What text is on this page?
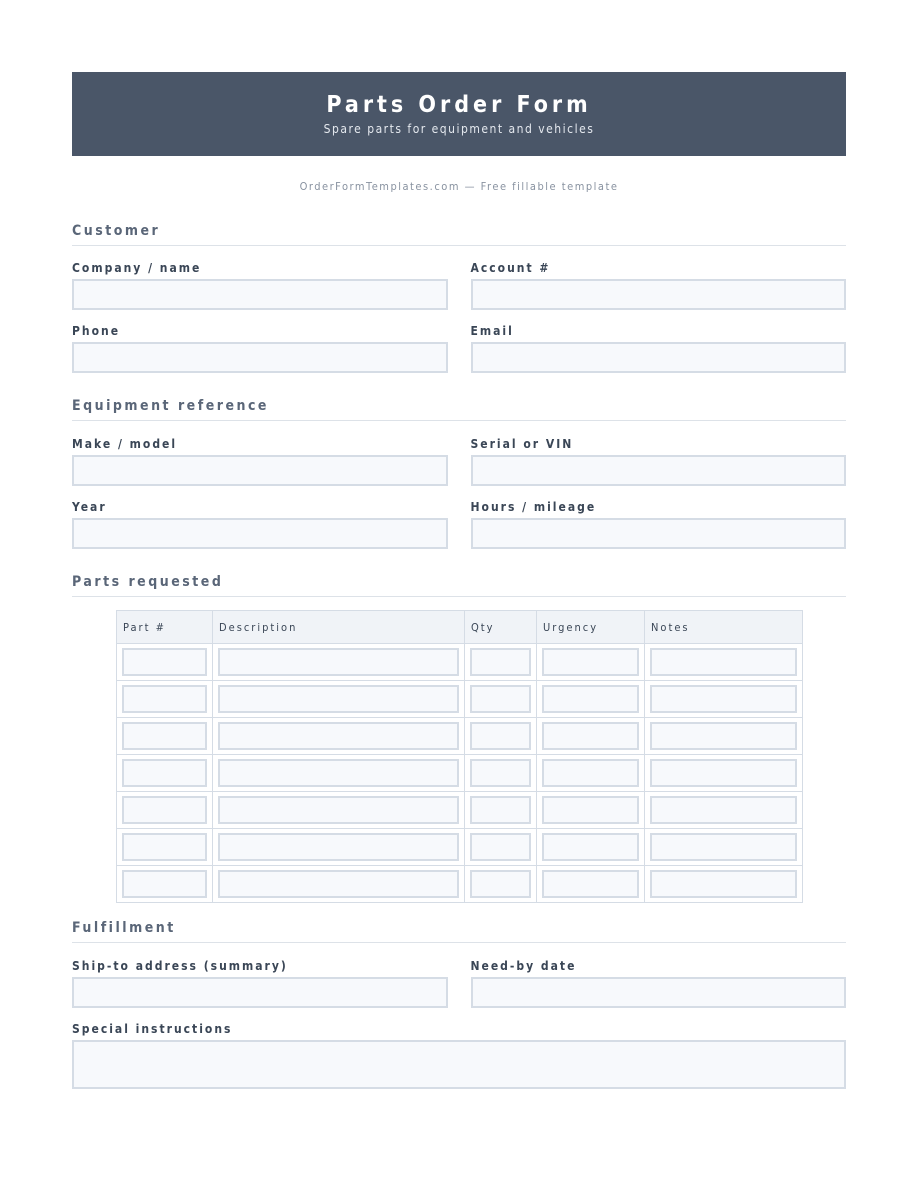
Parts Order Form
Spare parts for equipment and vehicles
OrderFormTemplates.com — Free fillable template
Customer
Company / name	Account #
Phone	Email
Equipment reference
Make / model	Serial or VIN
Year	Hours / mileage
Parts requested
Part #	Description	Qty	Urgency	Notes

Fulfillment
Ship-to address (summary)	Need-by date
Special instructions
